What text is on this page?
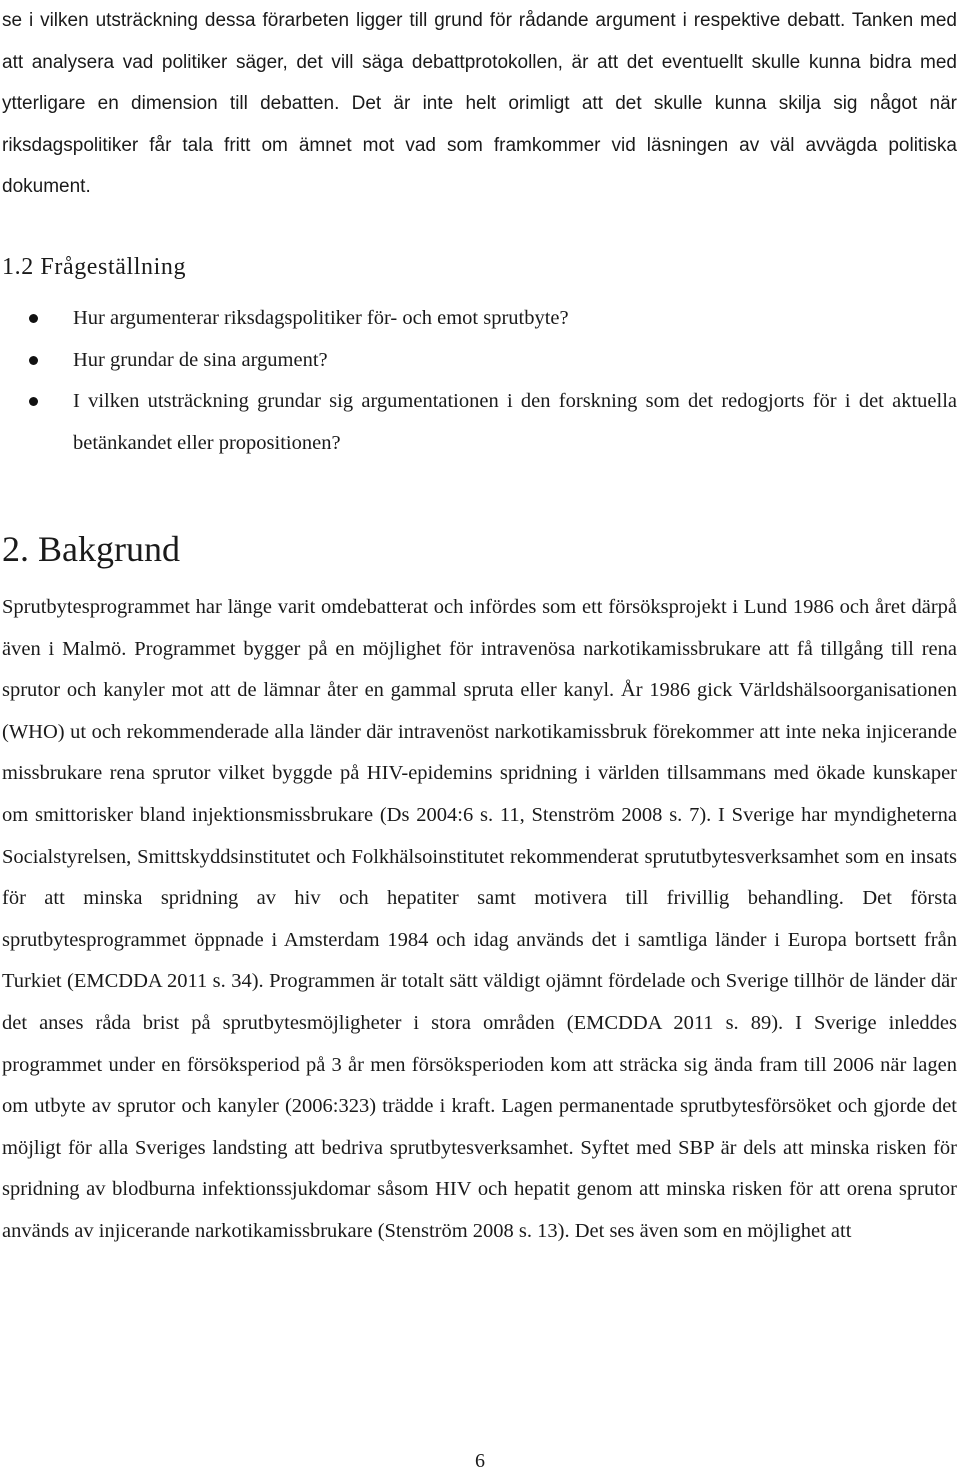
se i vilken utsträckning dessa förarbeten ligger till grund för rådande argument i respektive debatt. Tanken med att analysera vad politiker säger, det vill säga debattprotokollen, är att det eventuellt skulle kunna bidra med ytterligare en dimension till debatten. Det är inte helt orimligt att det skulle kunna skilja sig något när riksdagspolitiker får tala fritt om ämnet mot vad som framkommer vid läsningen av väl avvägda politiska dokument.

1.2 Frågeställning
Hur argumenterar riksdagspolitiker för- och emot sprutbyte?
Hur grundar de sina argument?
I vilken utsträckning grundar sig argumentationen i den forskning som det redogjorts för i det aktuella betänkandet eller propositionen?
2. Bakgrund

Sprutbytesprogrammet har länge varit omdebatterat och infördes som ett försöksprojekt i Lund 1986 och året därpå även i Malmö. Programmet bygger på en möjlighet för intravenösa narkotikamissbrukare att få tillgång till rena sprutor och kanyler mot att de lämnar åter en gammal spruta eller kanyl. År 1986 gick Världshälsoorganisationen (WHO) ut och rekommenderade alla länder där intravenöst narkotikamissbruk förekommer att inte neka injicerande missbrukare rena sprutor vilket byggde på HIV-epidemins spridning i världen tillsammans med ökade kunskaper om smittorisker bland injektionsmissbrukare (Ds 2004:6 s. 11, Stenström 2008 s. 7). I Sverige har myndigheterna Socialstyrelsen, Smittskyddsinstitutet och Folkhälsoinstitutet rekommenderat sprututbytesverksamhet som en insats för att minska spridning av hiv och hepatiter samt motivera till frivillig behandling. Det första sprutbytesprogrammet öppnade i Amsterdam 1984 och idag används det i samtliga länder i Europa bortsett från Turkiet (EMCDDA 2011 s. 34). Programmen är totalt sätt väldigt ojämnt fördelade och Sverige tillhör de länder där det anses råda brist på sprutbytesmöjligheter i stora områden (EMCDDA 2011 s. 89). I Sverige inleddes programmet under en försöksperiod på 3 år men försöksperioden kom att sträcka sig ända fram till 2006 när lagen om utbyte av sprutor och kanyler (2006:323) trädde i kraft. Lagen permanentade sprutbytesförsöket och gjorde det möjligt för alla Sveriges landsting att bedriva sprutbytesverksamhet. Syftet med SBP är dels att minska risken för spridning av blodburna infektionssjukdomar såsom HIV och hepatit genom att minska risken för att orena sprutor används av injicerande narkotikamissbrukare (Stenström 2008 s. 13). Det ses även som en möjlighet att

6
